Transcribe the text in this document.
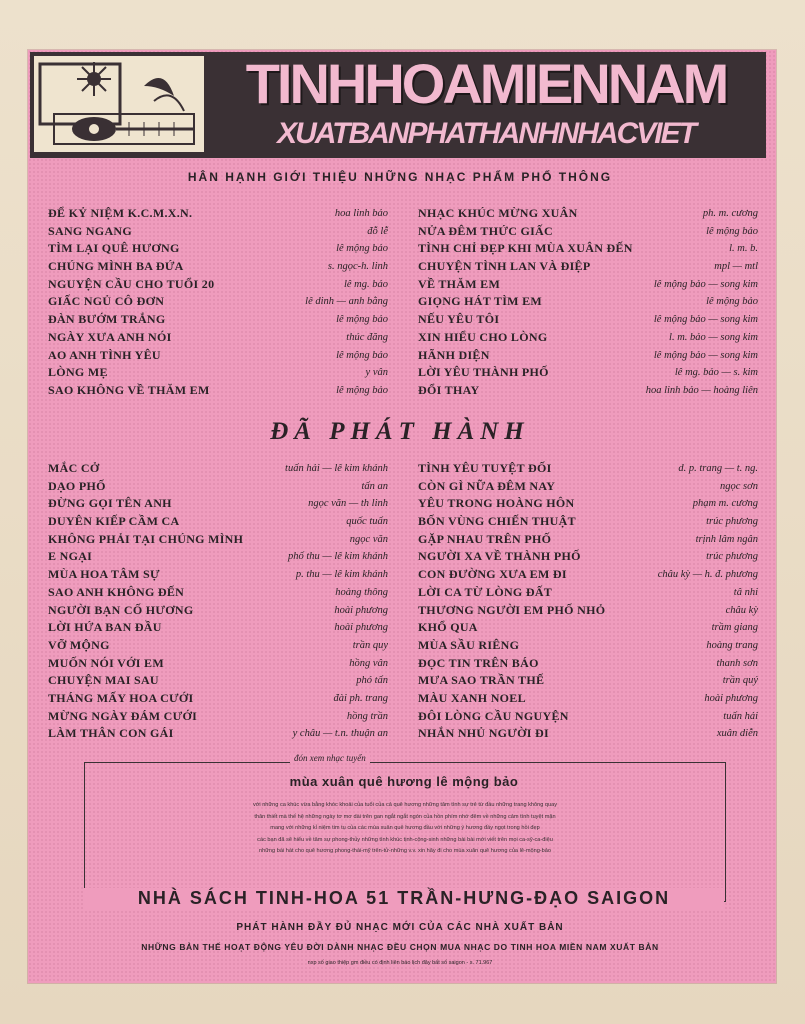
TINHHOAMIENNAM
XUATBANPHATHANHNHACVIET
HÂN HẠNH GIỚI THIỆU NHỮNG NHẠC PHẨM PHỔ THÔNG
ĐỂ KỶ NIỆM K.C.M.X.N.	hoa linh bảo
SANG NGANG	đỗ lễ
TÌM LẠI QUÊ HƯƠNG	lê mộng bảo
CHÚNG MÌNH BA ĐỨA	s. ngọc-h. linh
NGUYỆN CẦU CHO TUỔI 20	lê mg. bảo
GIẤC NGỦ CÔ ĐƠN	lê dinh — anh bằng
ĐÀN BƯỚM TRẮNG	lê mộng bảo
NGÀY XƯA ANH NÓI	thúc đăng
AO ANH TÌNH YÊU	lê mộng bảo
LÒNG MẸ	y vân
SAO KHÔNG VỀ THĂM EM	lê mộng bảo
NHẠC KHÚC MỪNG XUÂN	ph. m. cương
NỬA ĐÊM THỨC GIẤC	lê mộng bảo
TÌNH CHỈ ĐẸP KHI MÙA XUÂN ĐẾN	l. m. b.
CHUYỆN TÌNH LAN VÀ ĐIỆP	mpl — mtl
VỀ THĂM EM	lê mộng bảo — song kim
GIỌNG HÁT TÌM EM	lê mộng bảo
NẾU YÊU TÔI	lê mộng bảo — song kim
XIN HIỂU CHO LÒNG	l. m. bảo — song kim
HÃNH DIỆN	lê mộng bảo — song kim
LỜI YÊU THÀNH PHỐ	lê mg. bảo — s. kim
ĐỔI THAY	hoa linh bảo — hoàng liên
ĐÃ PHÁT HÀNH
MẮC CỞ	tuấn hải — lê kim khánh
DẠO PHỐ	tấn an
ĐỪNG GỌI TÊN ANH	ngọc văn — th linh
DUYÊN KIẾP CẦM CA	quốc tuấn
KHÔNG PHẢI TẠI CHÚNG MÌNH	ngọc văn
E NGẠI	phố thu — lê kim khánh
MÙA HOA TÂM SỰ	p. thu — lê kim khánh
SAO ANH KHÔNG ĐẾN	hoàng thông
NGƯỜI BẠN CỐ HƯƠNG	hoài phương
LỜI HỨA BAN ĐẦU	hoài phương
VỠ MỘNG	trần quy
MUỐN NÓI VỚI EM	hồng vân
CHUYỆN MAI SAU	phó tấn
THÁNG MẤY HOA CƯỚI	đài ph. trang
MỪNG NGÀY ĐÁM CƯỚI	hồng trần
LÀM THÂN CON GÁI	y châu — t.n. thuận an
TÌNH YÊU TUYỆT ĐỐI	d. p. trang — t. ng.
CÒN GÌ NỮA ĐÊM NAY	ngọc sơn
YÊU TRONG HOÀNG HÔN	phạm m. cương
BỐN VÙNG CHIẾN THUẬT	trúc phương
GẶP NHAU TRÊN PHỐ	trịnh lâm ngân
NGƯỜI XA VỀ THÀNH PHỐ	trúc phương
CON ĐƯỜNG XƯA EM ĐI	châu kỳ — h. đ. phương
LỜI CA TỪ LÒNG ĐẤT	tâ nhi
THƯƠNG NGƯỜI EM PHỐ NHỎ	châu kỳ
KHỔ QUA	trầm giang
MÙA SẦU RIÊNG	hoàng trang
ĐỌC TIN TRÊN BÁO	thanh sơn
MƯA SAO TRẦN THẾ	trần quý
MÀU XANH NOEL	hoài phương
ĐÔI LÒNG CẦU NGUYỆN	tuấn hải
NHẮN NHỦ NGƯỜI ĐI	xuân diễn
đón xem nhạc tuyển
mùa xuân quê hương lê mộng bảo
với những ca khúc vừa bằng khóc khoải của tuổi của cả quê hương những tâm tình sự trẻ từ đầu những trang không quay
thân thiết mà thế hệ những ngày tơ mơ dài trên gan ngắt ngắt ngón của hồn phím nhớ đêm về những cảm tình tuyệt mặn
mang với những kỉ niệm tim tụ của các mùa xuân quê hương đầu với những ý hương đầy ngọt trong hồi đẹp
các bạn đã sẽ hiểu về tâm sự phong-thủy những tình khúc tịnh-cộng-sinh những bài bài mới viết trên mọi ca-sỹ-ca-điệu
những bài hát cho quê hương phong-thái-mỹ trên-tử-những v.v. xin hãy đi cho mùa xuân quê hương của lê-mộng-bảo
NHÀ SÁCH TINH-HOA 51 TRẦN-HƯNG-ĐẠO SAIGON
PHÁT HÀNH ĐẦY ĐỦ NHẠC MỚI CỦA CÁC NHÀ XUẤT BẢN
NHỮNG BẢN THẾ HOẠT ĐỘNG YÊU ĐỜI DÀNH NHẠC ĐỀU CHỌN MUA NHẠC DO TINH HOA MIỀN NAM XUẤT BẢN
nxp số giao thiệp gm điều có định liên báo lịch đây bất số saigon - s. 71.967
